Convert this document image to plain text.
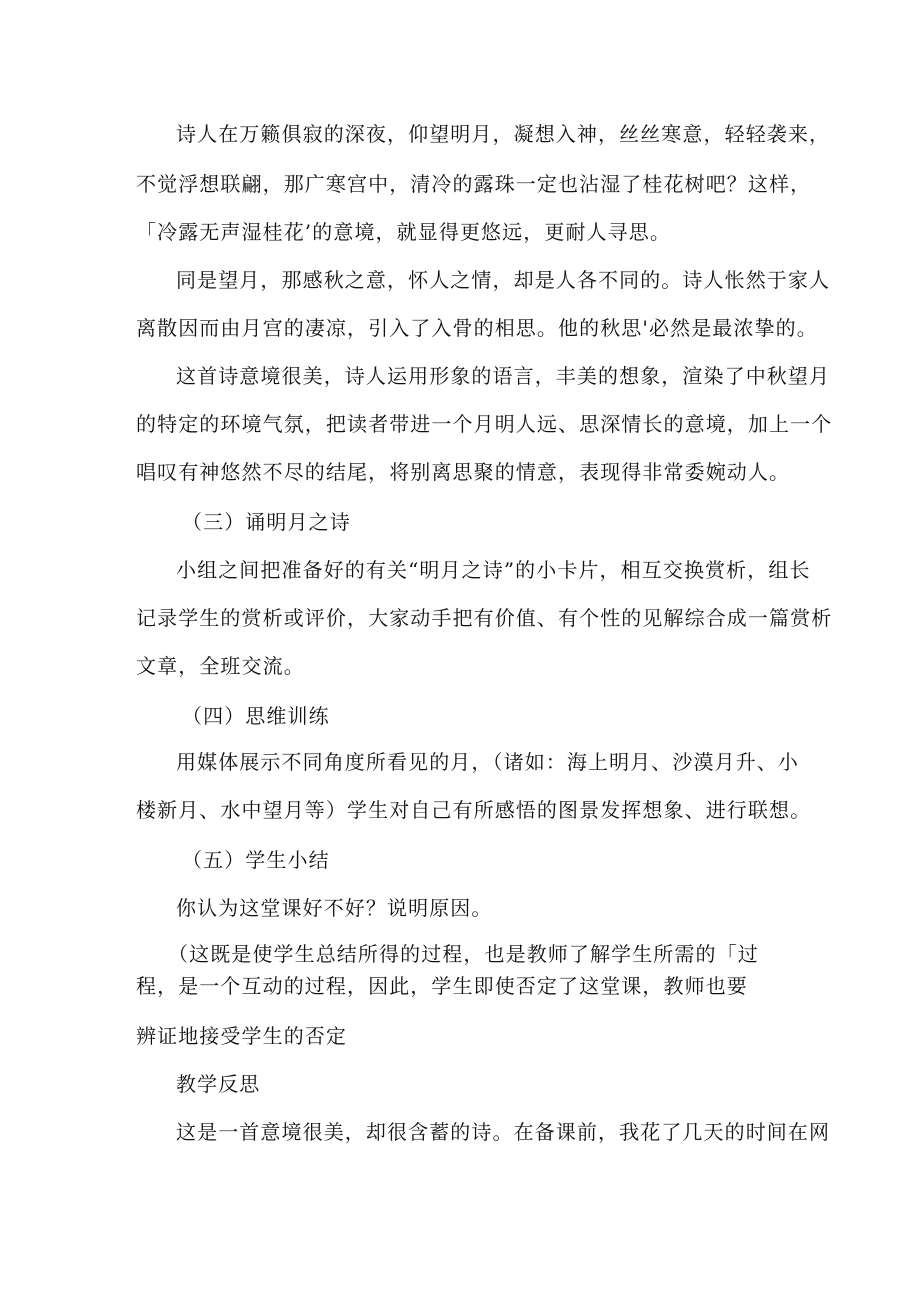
诗人在万籁俱寂的深夜，仰望明月，凝想入神，丝丝寒意，轻轻袭来，
不觉浮想联翩，那广寒宫中，清冷的露珠一定也沾湿了桂花树吧？这样，
「冷露无声湿桂花’的意境，就显得更悠远，更耐人寻思。
同是望月，那感秋之意，怀人之情，却是人各不同的。诗人怅然于家人
离散因而由月宫的凄凉，引入了入骨的相思。他的秋思'必然是最浓挚的。
这首诗意境很美，诗人运用形象的语言，丰美的想象，渲染了中秋望月
的特定的环境气氛，把读者带进一个月明人远、思深情长的意境，加上一个
唱叹有神悠然不尽的结尾，将别离思聚的情意，表现得非常委婉动人。
（三）诵明月之诗
小组之间把准备好的有关“明月之诗”的小卡片，相互交换赏析，组长
记录学生的赏析或评价，大家动手把有价值、有个性的见解综合成一篇赏析
文章，全班交流。
（四）思维训练
用媒体展示不同角度所看见的月，（诸如：海上明月、沙漠月升、小
楼新月、水中望月等）学生对自己有所感悟的图景发挥想象、进行联想。
（五）学生小结
你认为这堂课好不好？说明原因。
（这既是使学生总结所得的过程，也是教师了解学生所需的「过
程，是一个互动的过程，因此，学生即使否定了这堂课，教师也要
辨证地接受学生的否定
教学反思
这是一首意境很美，却很含蓄的诗。在备课前，我花了几天的时间在网
